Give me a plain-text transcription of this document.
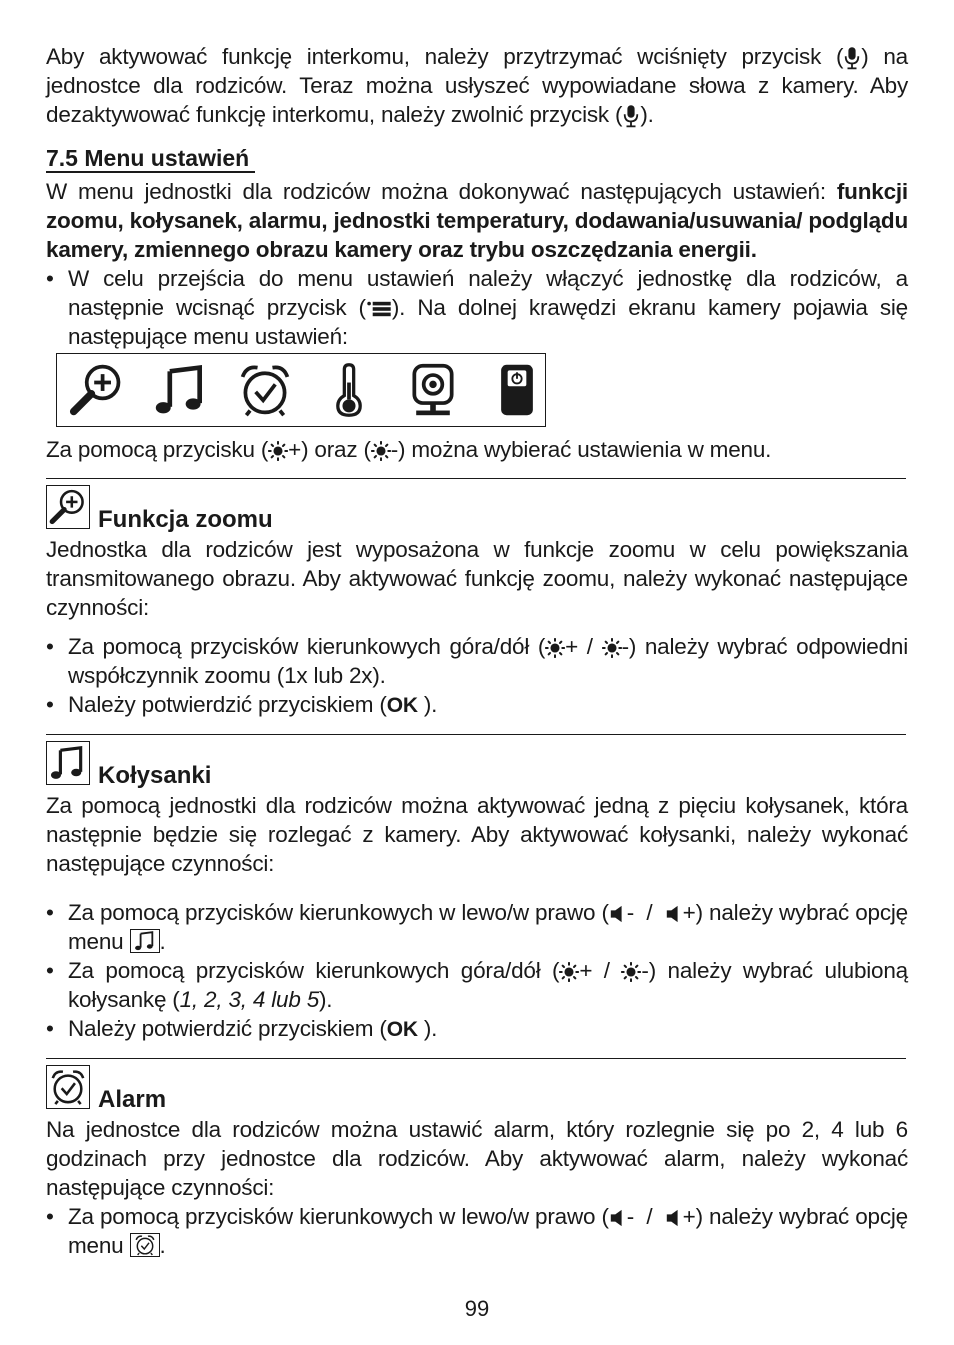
Aby aktywować funkcję interkomu, należy przytrzymać wciśnięty przycisk ( ) na jednostce dla rodziców. Teraz można usłyszeć wypowiadane słowa z kamery. Aby dezaktywować funkcję interkomu, należy zwolnić przycisk ( ).

7.5 Menu ustawień

W menu jednostki dla rodziców można dokonywać następujących ustawień: funkcji zoomu, kołysanek, alarmu, jednostki temperatury, dodawania/usuwania/ podglądu kamery, zmiennego obrazu kamery oraz trybu oszczędzania energii.

• W celu przejścia do menu ustawień należy włączyć jednostkę dla rodziców, a następnie wcisnąć przycisk ( ). Na dolnej krawędzi ekranu kamery pojawia się następujące menu ustawień:

Za pomocą przycisku ( +) oraz ( -) można wybierać ustawienia w menu.

Funkcja zoomu

Jednostka dla rodziców jest wyposażona w funkcje zoomu w celu powiększania transmitowanego obrazu. Aby aktywować funkcję zoomu, należy wykonać następujące czynności:

• Za pomocą przycisków kierunkowych góra/dół ( + /
-) należy wybrać odpowiedni współczynnik zoomu (1x lub 2x).
• Należy potwierdzić przyciskiem (OK ).
Kołysanki

Za pomocą jednostki dla rodziców można aktywować jedną z pięciu kołysanek, która następnie będzie się rozlegać z kamery. Aby aktywować kołysanki, należy wykonać następujące czynności:

• Za pomocą przycisków kierunkowych w lewo/w prawo ( -  /
+) należy wybrać opcję menu
.
• Za pomocą przycisków kierunkowych góra/dół ( + /
-) należy wybrać ulubioną kołysankę (1, 2, 3, 4 lub 5).
• Należy potwierdzić przyciskiem (OK ).
Alarm

Na jednostce dla rodziców można ustawić alarm, który rozlegnie się po 2, 4 lub 6 godzinach przy jednostce dla rodziców. Aby aktywować alarm, należy wykonać następujące czynności:

• Za pomocą przycisków kierunkowych w lewo/w prawo ( -  /
+) należy wybrać opcję menu
.
99
